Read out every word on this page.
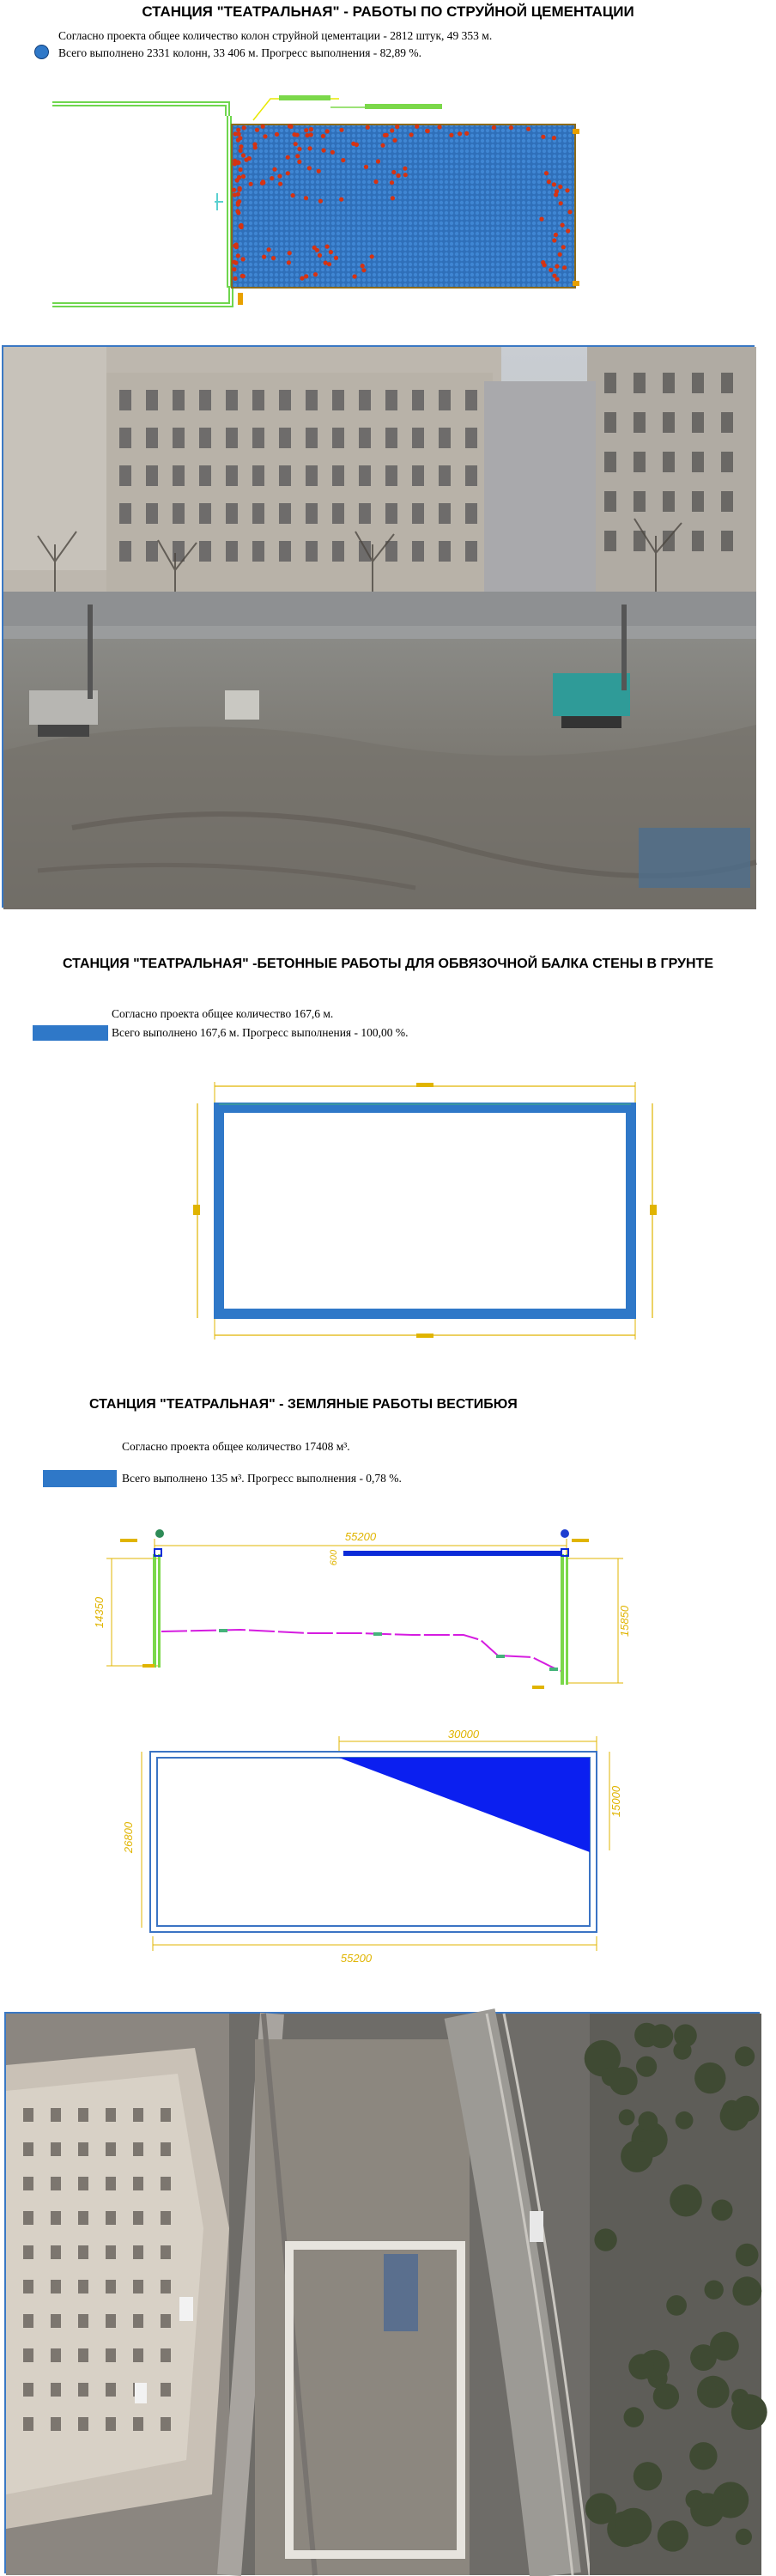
СТАНЦИЯ "ТЕАТРАЛЬНАЯ" - РАБОТЫ ПО СТРУЙНОЙ ЦЕМЕНТАЦИИ
Согласно проекта общее количество колон струйной цементации - 2812 штук, 49 353 м.
Всего выполнено 2331 колонн, 33 406 м. Прогресс выполнения - 82,89 %.
СТАНЦИЯ "ТЕАТРАЛЬНАЯ" -БЕТОННЫЕ РАБОТЫ ДЛЯ ОБВЯЗОЧНОЙ БАЛКА СТЕНЫ В ГРУНТЕ
Согласно проекта общее количество 167,6 м.
Всего выполнено 167,6 м. Прогресс выполнения - 100,00 %.
СТАНЦИЯ "ТЕАТРАЛЬНАЯ" - ЗЕМЛЯНЫЕ РАБОТЫ ВЕСТИБЮЯ
Согласно проекта общее количество 17408 м³.
Всего выполнено 135 м³. Прогресс выполнения - 0,78 %.
55200
14350	15850
600
30000
15000
26800
55200
